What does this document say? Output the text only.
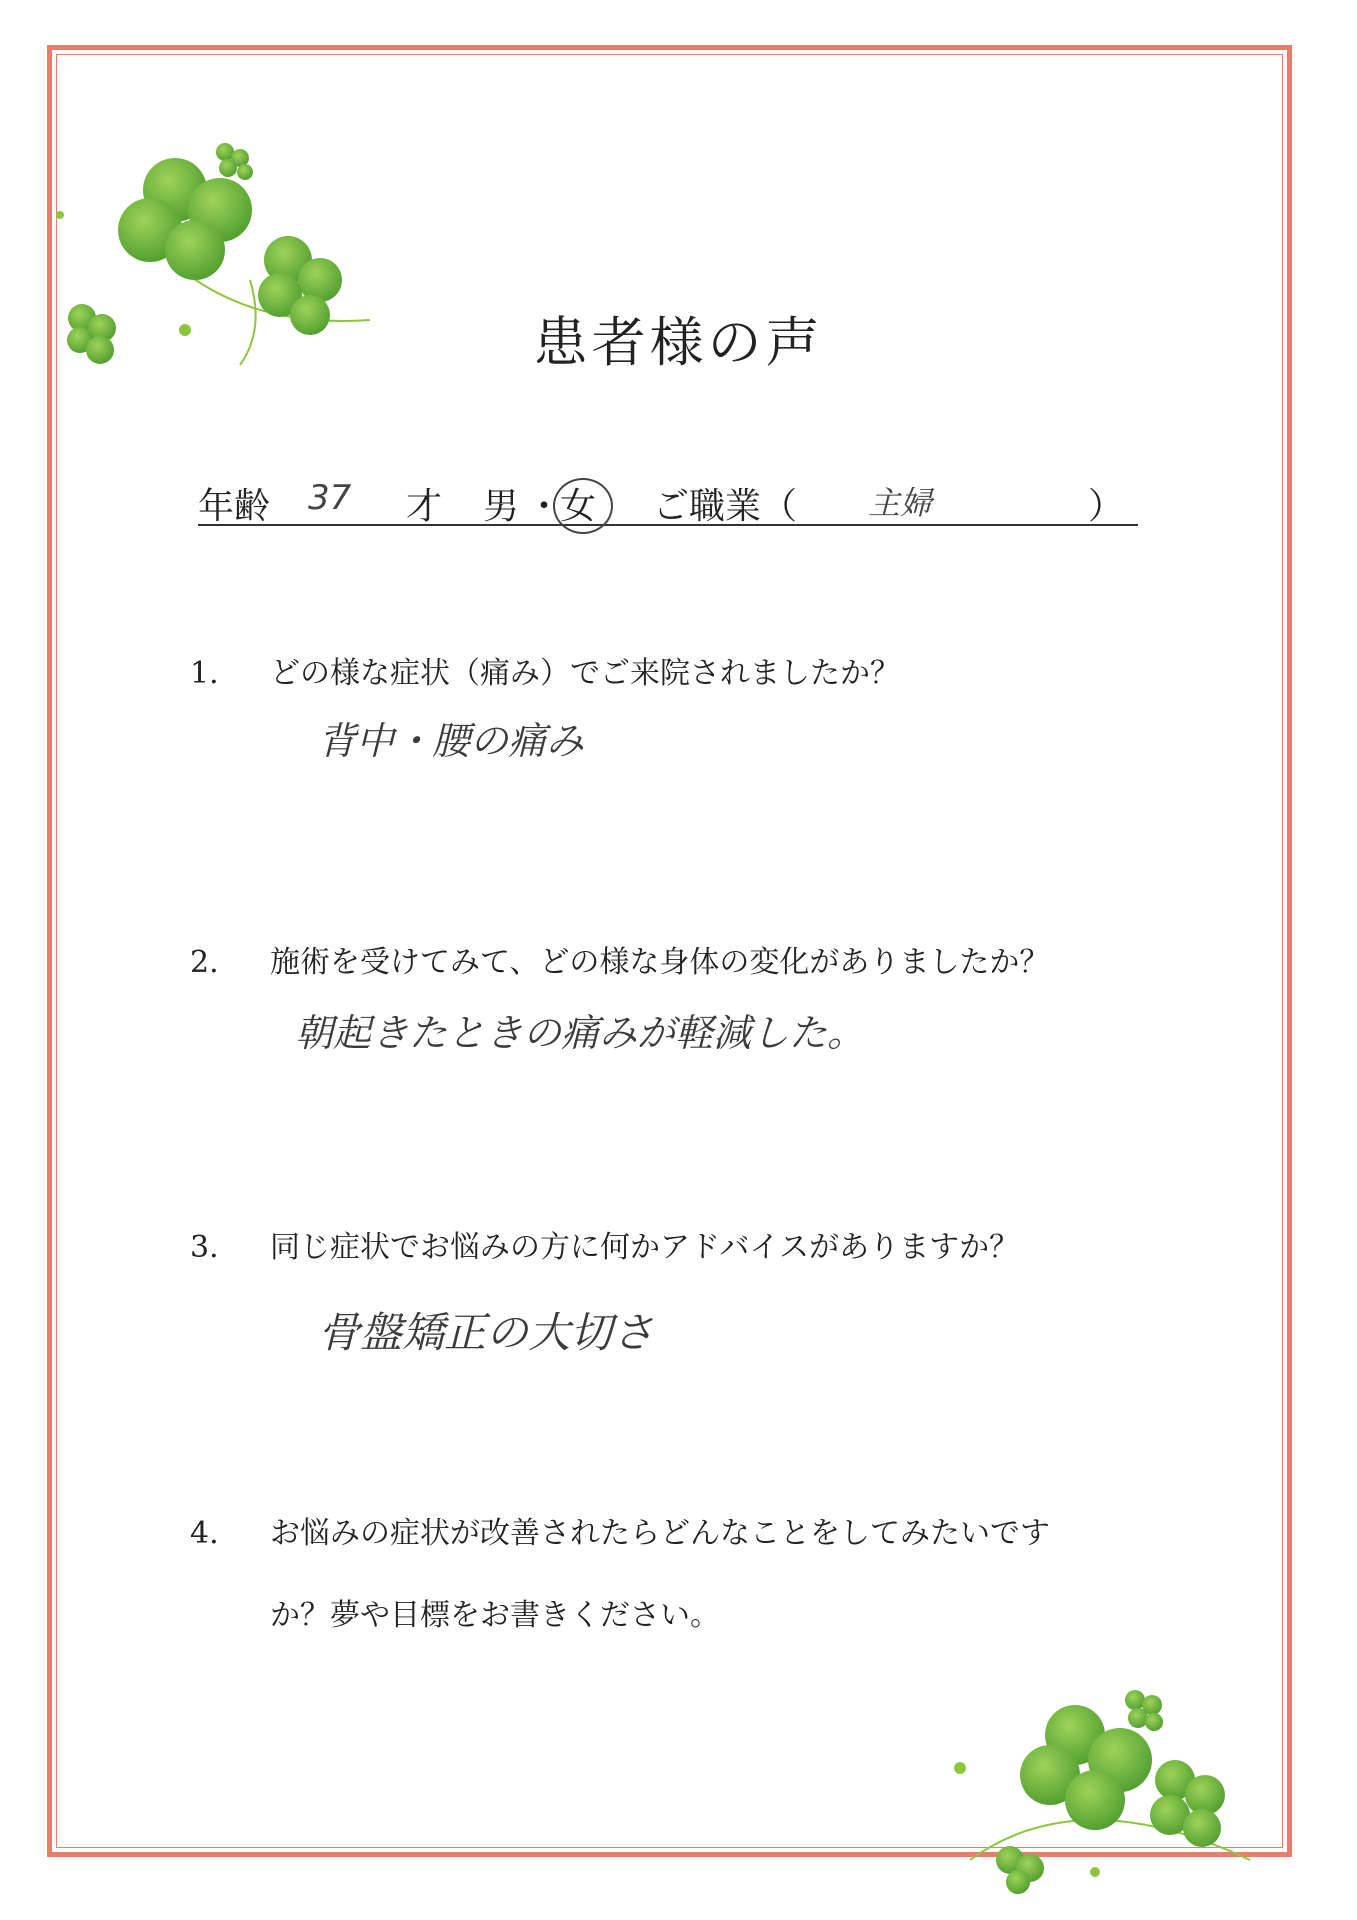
患者様の声
年齢 37 才 男 ・
女 ご職業（ 主婦	）
1. どの様な症状（痛み）でご来院されましたか？
背中・腰の痛み
2. 施術を受けてみて、どの様な身体の変化がありましたか？
朝起きたときの痛みが軽減した。
3. 同じ症状でお悩みの方に何かアドバイスがありますか？
骨盤矯正の大切さ
4. お悩みの症状が改善されたらどんなことをしてみたいです
か？夢や目標をお書きください。
